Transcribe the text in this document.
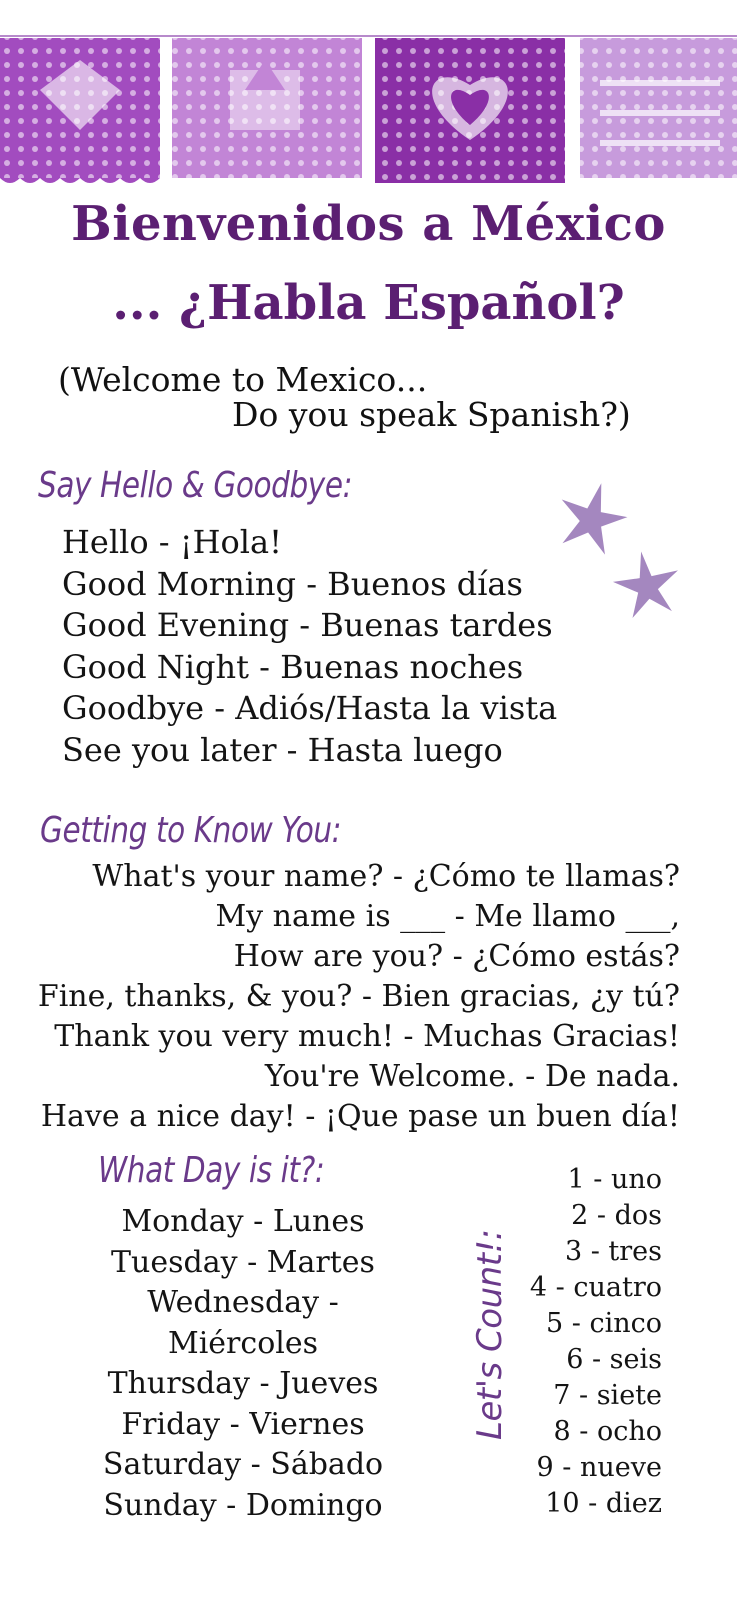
Bienvenidos a México
... ¿Habla Español?
(Welcome to Mexico...
Do you speak Spanish?)
Say Hello & Goodbye:
Hello - ¡Hola!
Good Morning - Buenos días
Good Evening - Buenas tardes
Good Night - Buenas noches
Goodbye - Adiós/Hasta la vista
See you later - Hasta luego
Getting to Know You:
What's your name? - ¿Cómo te llamas?
My name is ___ - Me llamo ___,
How are you? - ¿Cómo estás?
Fine, thanks, & you? - Bien gracias, ¿y tú?
Thank you very much! - Muchas Gracias!
You're Welcome. - De nada.
Have a nice day! - ¡Que pase un buen día!
What Day is it?:
Monday - Lunes
Tuesday - Martes
Wednesday -
Miércoles
Thursday - Jueves
Friday - Viernes
Saturday - Sábado
Sunday - Domingo
Let's Count!:
1 - uno
2 - dos
3 - tres
4 - cuatro
5 - cinco
6 - seis
7 - siete
8 - ocho
9 - nueve
10 - diez
